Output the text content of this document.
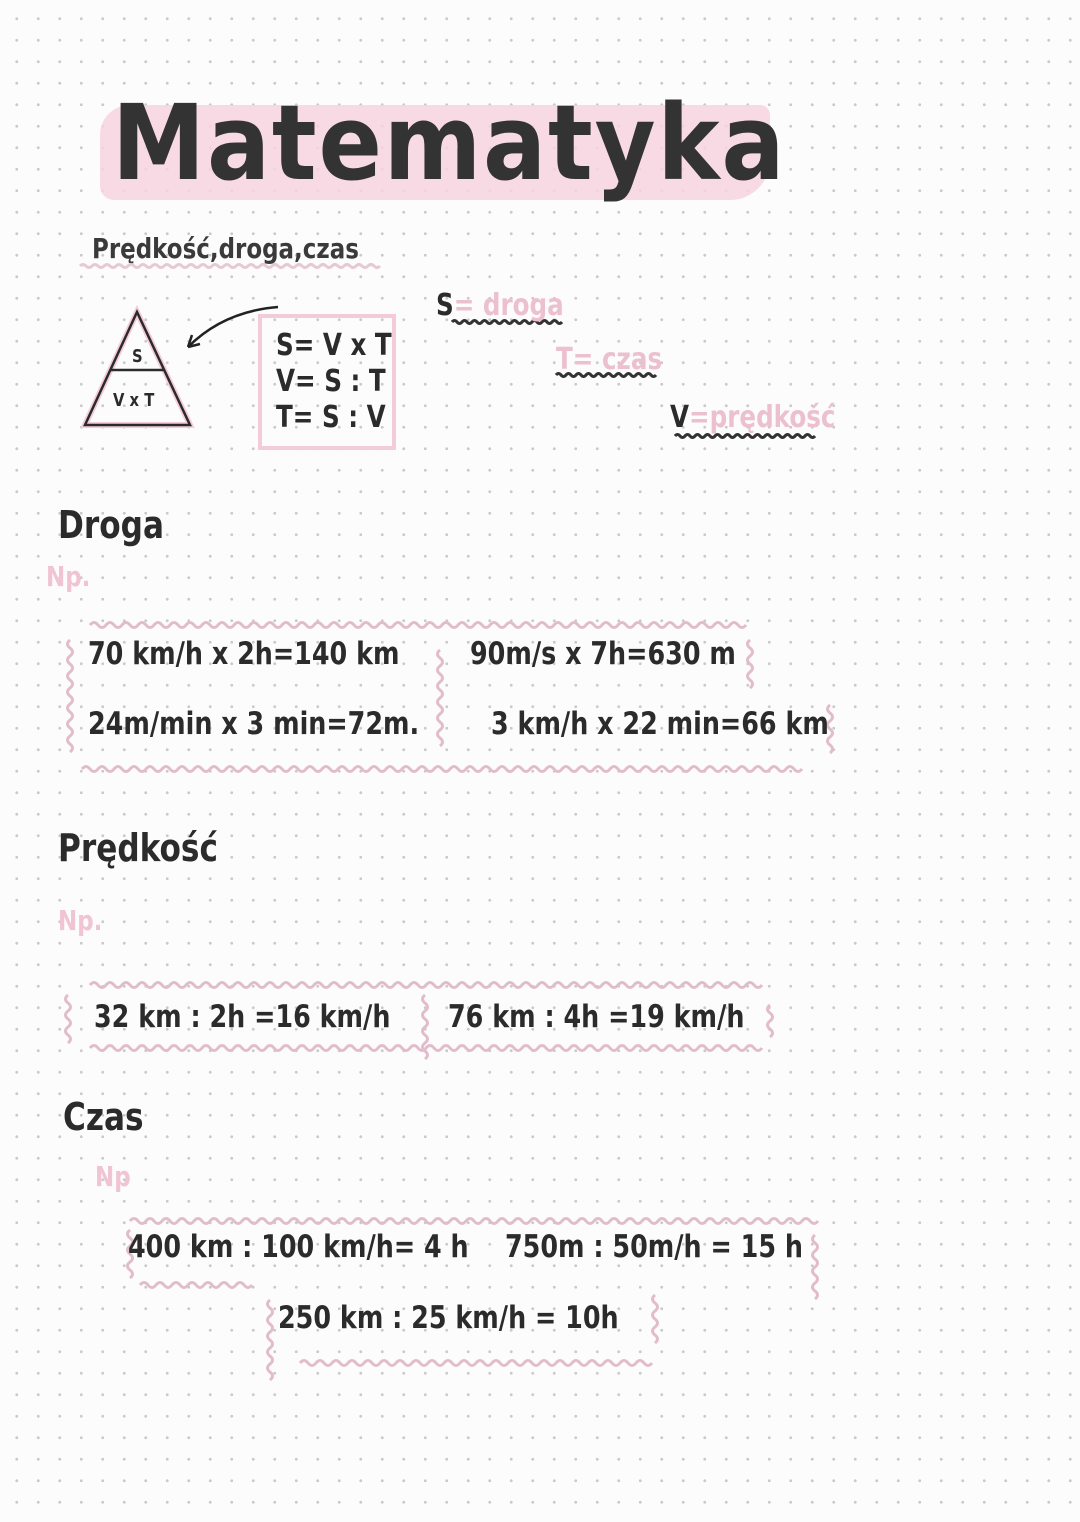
Matematyka
Prędkość,droga,czas
S
V x T
S= V x T
V= S : T
T= S : V
S= droga
T= czas
V=prędkość
Droga
Np.
70 km/h x 2h=140 km 90m/s x 7h=630 m
24m/min x 3 min=72m. 3 km/h x 22 min=66 km
Prędkość
Np.
32 km : 2h =16 km/h 76 km : 4h =19 km/h
Czas
Np
400 km : 100 km/h= 4 h 750m : 50m/h = 15 h
250 km : 25 km/h = 10h
